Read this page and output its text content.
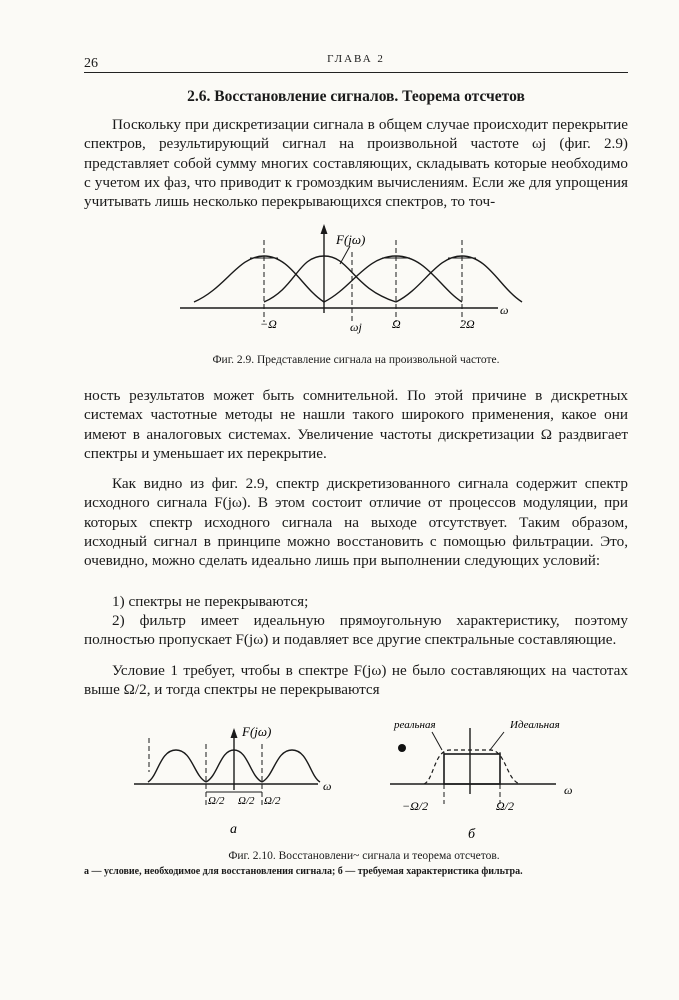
26	ГЛАВА 2
2.6. Восстановление сигналов. Теорема отсчетов

Поскольку при дискретизации сигнала в общем случае происходит перекрытие спектров, результирующий сигнал на произвольной частоте ωj (фиг. 2.9) представляет собой сумму многих составляющих, складывать которые необходимо с учетом их фаз, что приводит к громоздким вычислениям. Если же для упрощения учитывать лишь несколько перекрывающихся спектров, то точ-

F(jω)
−Ω	ωj	Ω	2Ω
ω
Фиг. 2.9. Представление сигнала на произвольной частоте.

ность результатов может быть сомнительной. По этой причине в дискретных системах частотные методы не нашли такого широкого применения, какое они имеют в аналоговых системах. Увеличение частоты дискретизации Ω раздвигает спектры и уменьшает их перекрытие.

Как видно из фиг. 2.9, спектр дискретизованного сигнала содержит спектр исходного сигнала F(jω). В этом состоит отличие от процессов модуляции, при которых спектр исходного сигнала на выходе отсутствует. Таким образом, исходный сигнал в принципе можно восстановить с помощью фильтрации. Это, очевидно, можно сделать идеально лишь при выполнении следующих условий:

1) спектры не перекрываются;

2) фильтр имеет идеальную прямоугольную характеристику, поэтому полностью пропускает F(jω) и подавляет все другие спектральные составляющие.

Условие 1 требует, чтобы в спектре F(jω) не было составляющих на частотах выше Ω/2, и тогда спектры не перекрываются

F(jω)
Ω/2 Ω/2 Ω/2
ω
а
реальная	Идеальная
−Ω/2	Ω/2
ω
б
Фиг. 2.10. Восстановлени~ сигнала и теорема отсчетов.
а — условие, необходимое для восстановления сигнала; б — требуемая характеристика фильтра.
